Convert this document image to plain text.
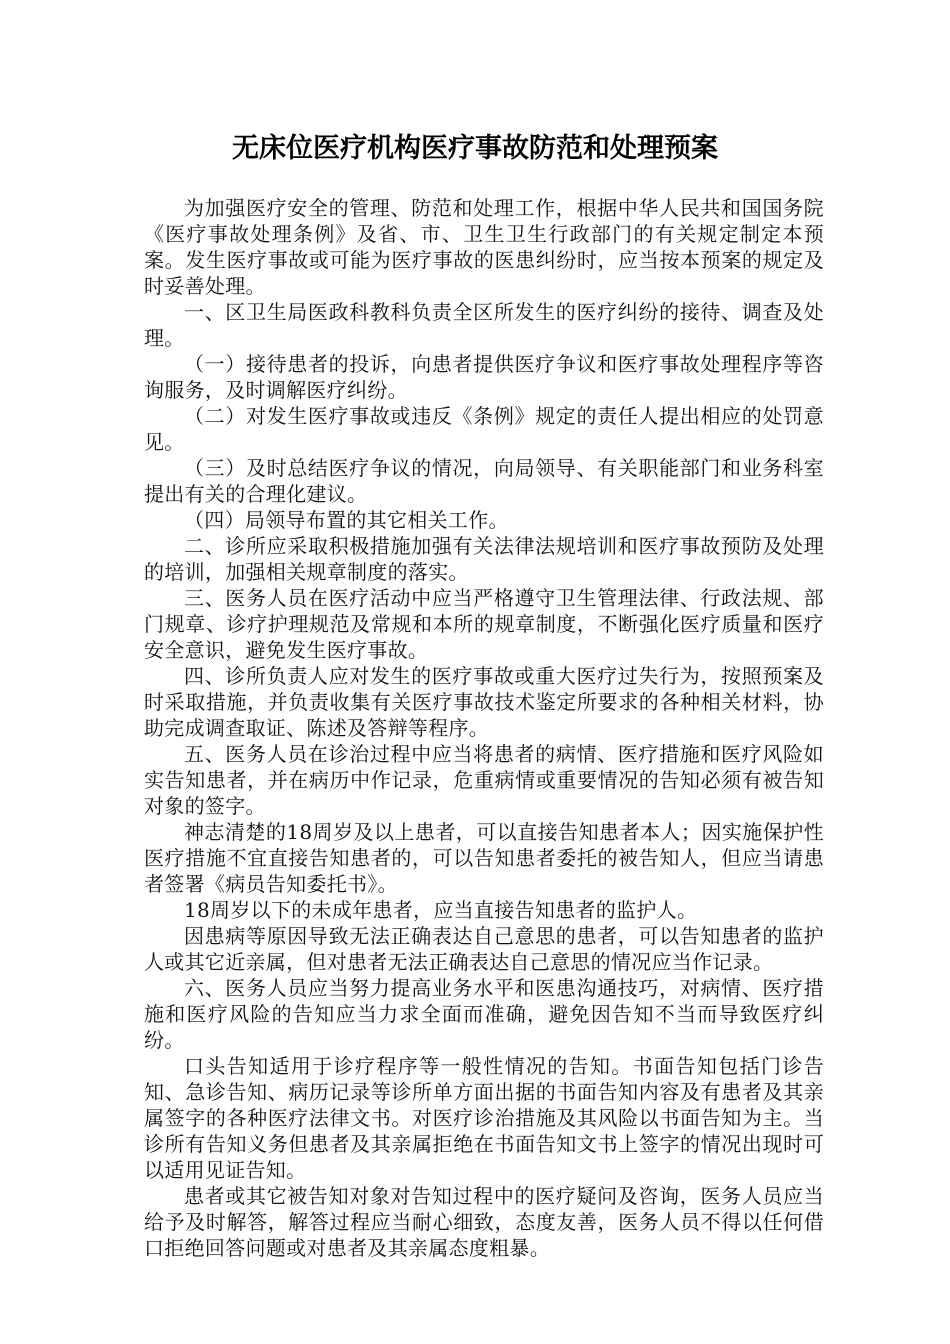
无床位医疗机构医疗事故防范和处理预案

为加强医疗安全的管理、防范和处理工作，根据中华人民共和国国务院《医疗事故处理条例》及省、市、卫生卫生行政部门的有关规定制定本预案。发生医疗事故或可能为医疗事故的医患纠纷时，应当按本预案的规定及时妥善处理。

一、区卫生局医政科教科负责全区所发生的医疗纠纷的接待、调查及处理。

（一）接待患者的投诉，向患者提供医疗争议和医疗事故处理程序等咨询服务，及时调解医疗纠纷。

（二）对发生医疗事故或违反《条例》规定的责任人提出相应的处罚意见。

（三）及时总结医疗争议的情况，向局领导、有关职能部门和业务科室提出有关的合理化建议。

（四）局领导布置的其它相关工作。

二、诊所应采取积极措施加强有关法律法规培训和医疗事故预防及处理的培训，加强相关规章制度的落实。

三、医务人员在医疗活动中应当严格遵守卫生管理法律、行政法规、部门规章、诊疗护理规范及常规和本所的规章制度，不断强化医疗质量和医疗安全意识，避免发生医疗事故。

四、诊所负责人应对发生的医疗事故或重大医疗过失行为，按照预案及时采取措施，并负责收集有关医疗事故技术鉴定所要求的各种相关材料，协助完成调查取证、陈述及答辩等程序。

五、医务人员在诊治过程中应当将患者的病情、医疗措施和医疗风险如实告知患者，并在病历中作记录，危重病情或重要情况的告知必须有被告知对象的签字。

神志清楚的18周岁及以上患者，可以直接告知患者本人；因实施保护性医疗措施不宜直接告知患者的，可以告知患者委托的被告知人，但应当请患者签署《病员告知委托书》。

18周岁以下的未成年患者，应当直接告知患者的监护人。

因患病等原因导致无法正确表达自己意思的患者，可以告知患者的监护人或其它近亲属，但对患者无法正确表达自己意思的情况应当作记录。

六、医务人员应当努力提高业务水平和医患沟通技巧，对病情、医疗措施和医疗风险的告知应当力求全面而准确，避免因告知不当而导致医疗纠纷。

口头告知适用于诊疗程序等一般性情况的告知。书面告知包括门诊告知、急诊告知、病历记录等诊所单方面出据的书面告知内容及有患者及其亲属签字的各种医疗法律文书。对医疗诊治措施及其风险以书面告知为主。当诊所有告知义务但患者及其亲属拒绝在书面告知文书上签字的情况出现时可以适用见证告知。

患者或其它被告知对象对告知过程中的医疗疑问及咨询，医务人员应当给予及时解答，解答过程应当耐心细致，态度友善，医务人员不得以任何借口拒绝回答问题或对患者及其亲属态度粗暴。
